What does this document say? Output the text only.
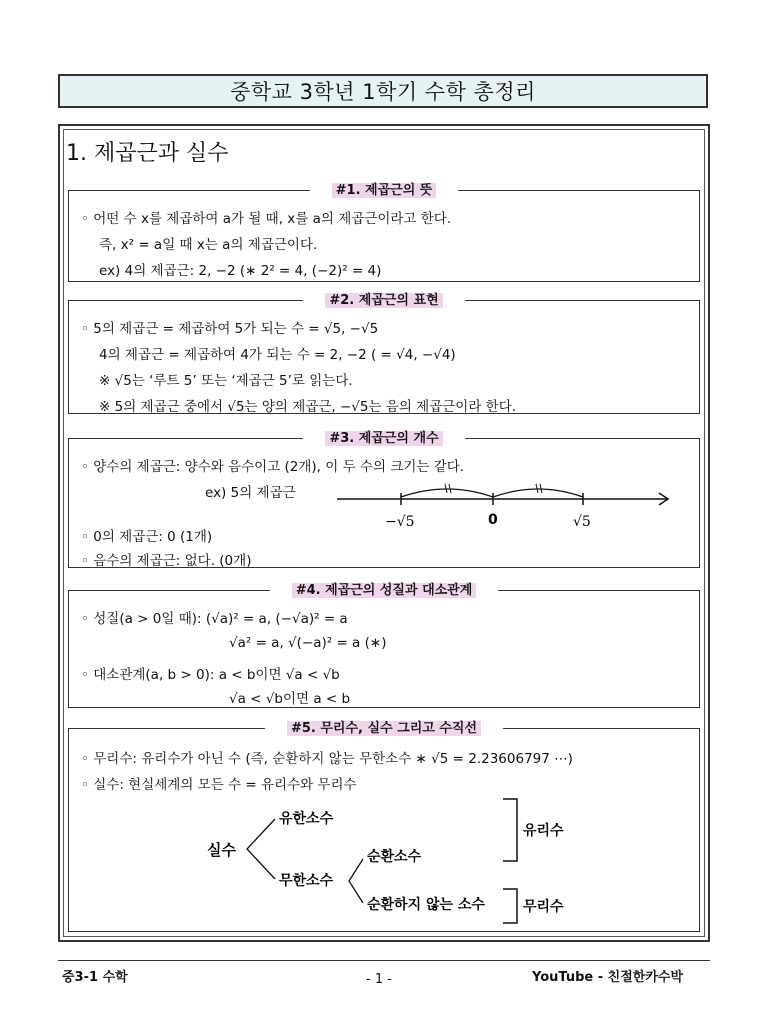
중학교 3학년 1학기 수학 총정리
1. 제곱근과 실수
#1. 제곱근의 뜻
◦ 어떤 수 x를 제곱하여 a가 될 때, x를 a의 제곱근이라고 한다.
즉, x² = a일 때 x는 a의 제곱근이다.
ex) 4의 제곱근: 2, −2 (∗ 2² = 4, (−2)² = 4)
#2. 제곱근의 표현
◦ 5의 제곱근 = 제곱하여 5가 되는 수 = √5, −√5
4의 제곱근 = 제곱하여 4가 되는 수 = 2, −2 ( = √4, −√4)
※ √5는 ‘루트 5’ 또는 ‘제곱근 5’로 읽는다.
※ 5의 제곱근 중에서 √5는 양의 제곱근, −√5는 음의 제곱근이라 한다.
#3. 제곱근의 개수
◦ 양수의 제곱근: 양수와 음수이고 (2개), 이 두 수의 크기는 같다.
ex) 5의 제곱근
◦ 0의 제곱근: 0 (1개)
◦ 음수의 제곱근: 없다. (0개)
−√5	0	√5
#4. 제곱근의 성질과 대소관계
◦ 성질(a > 0일 때): (√a)² = a, (−√a)² = a
√a² = a, √(−a)² = a (∗)
◦ 대소관계(a, b > 0): a < b이면 √a < √b
√a < √b이면 a < b
#5. 무리수, 실수 그리고 수직선
◦ 무리수: 유리수가 아닌 수 (즉, 순환하지 않는 무한소수 ∗ √5 = 2.23606797 ⋯)
◦ 실수: 현실세계의 모든 수 = 유리수와 무리수
실수
유한소수
무한소수
순환소수
순환하지 않는 소수
유리수
무리수
중3-1 수학	- 1 -	YouTube - 친절한카수박
